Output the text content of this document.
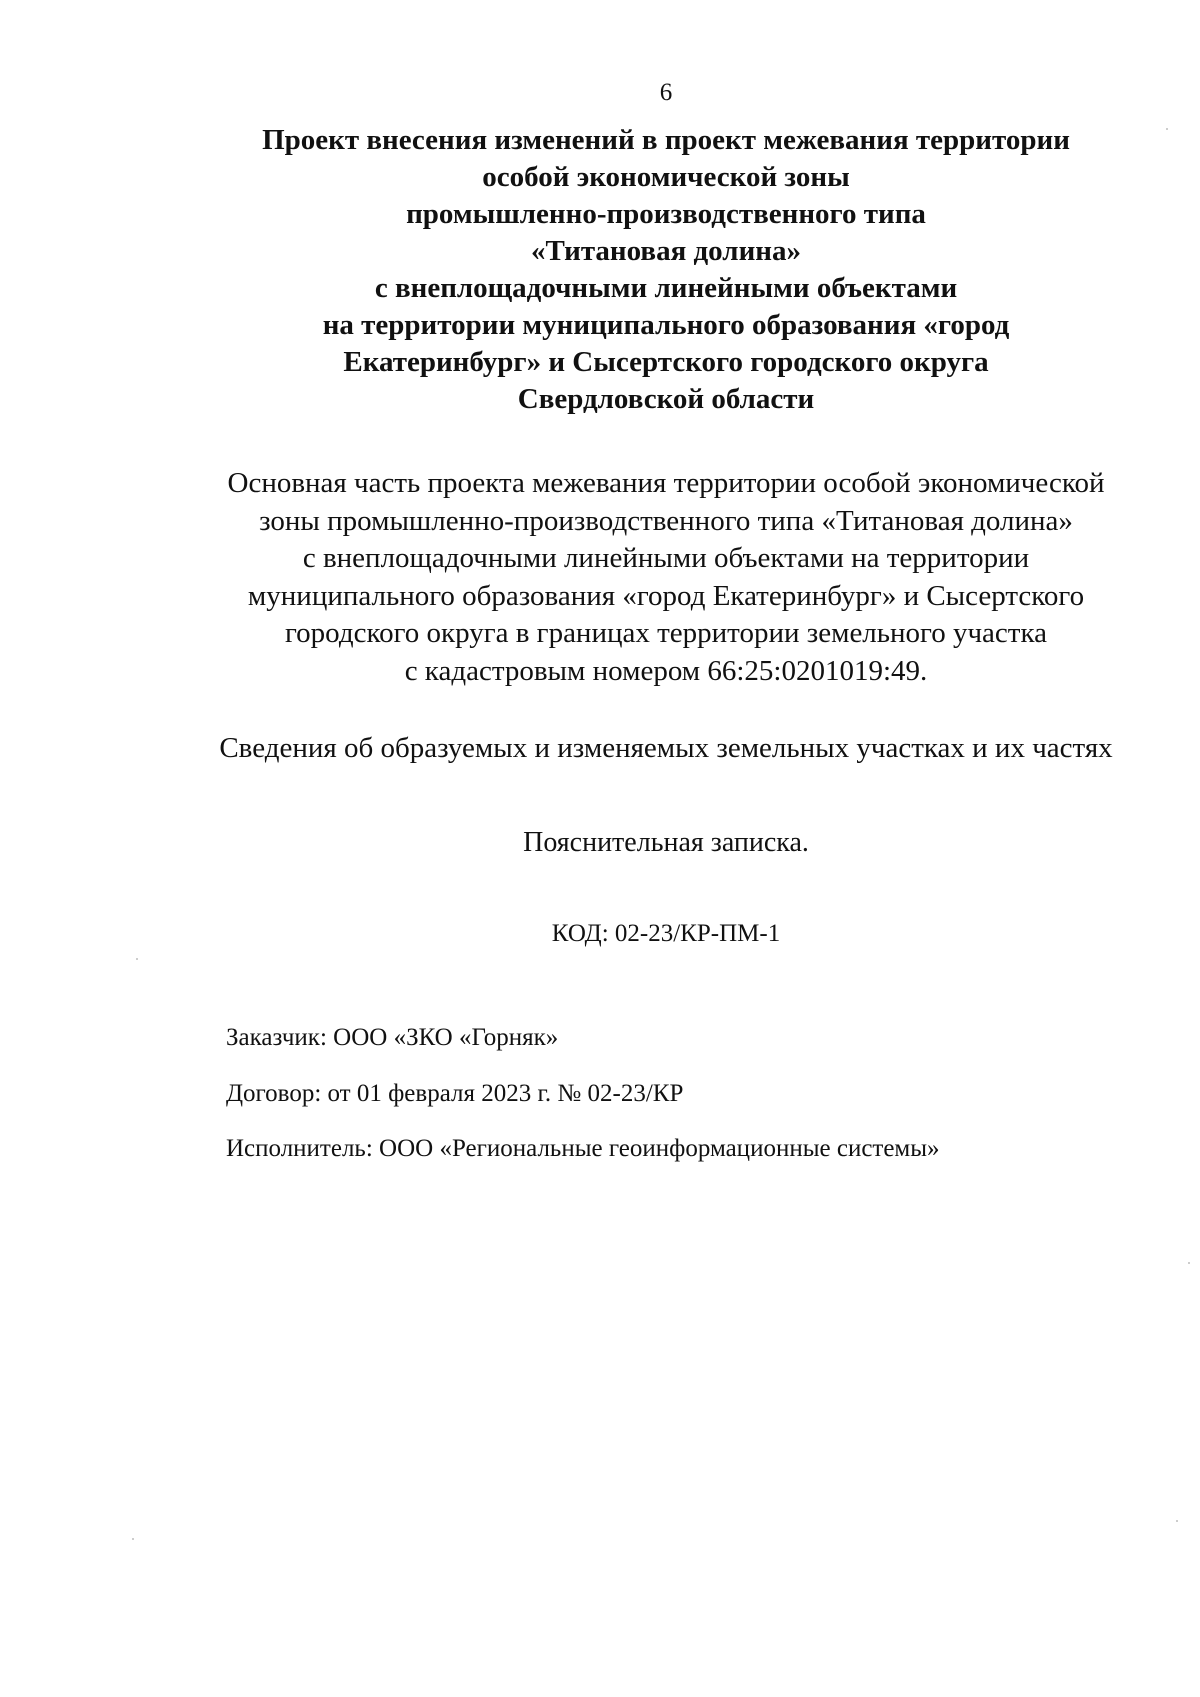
6
Проект внесения изменений в проект межевания территории
особой экономической зоны
промышленно-производственного типа
«Титановая долина»
с внеплощадочными линейными объектами
на территории муниципального образования «город
Екатеринбург» и Сысертского городского округа
Свердловской области
Основная часть проекта межевания территории особой экономической
зоны промышленно-производственного типа «Титановая долина»
с внеплощадочными линейными объектами на территории
муниципального образования «город Екатеринбург» и Сысертского
городского округа в границах территории земельного участка
с кадастровым номером 66:25:0201019:49.
Сведения об образуемых и изменяемых земельных участках и их частях
Пояснительная записка.
КОД: 02-23/КР-ПМ-1
Заказчик: ООО «ЗКО «Горняк»
Договор: от 01 февраля 2023 г. № 02-23/КР
Исполнитель: ООО «Региональные геоинформационные системы»
